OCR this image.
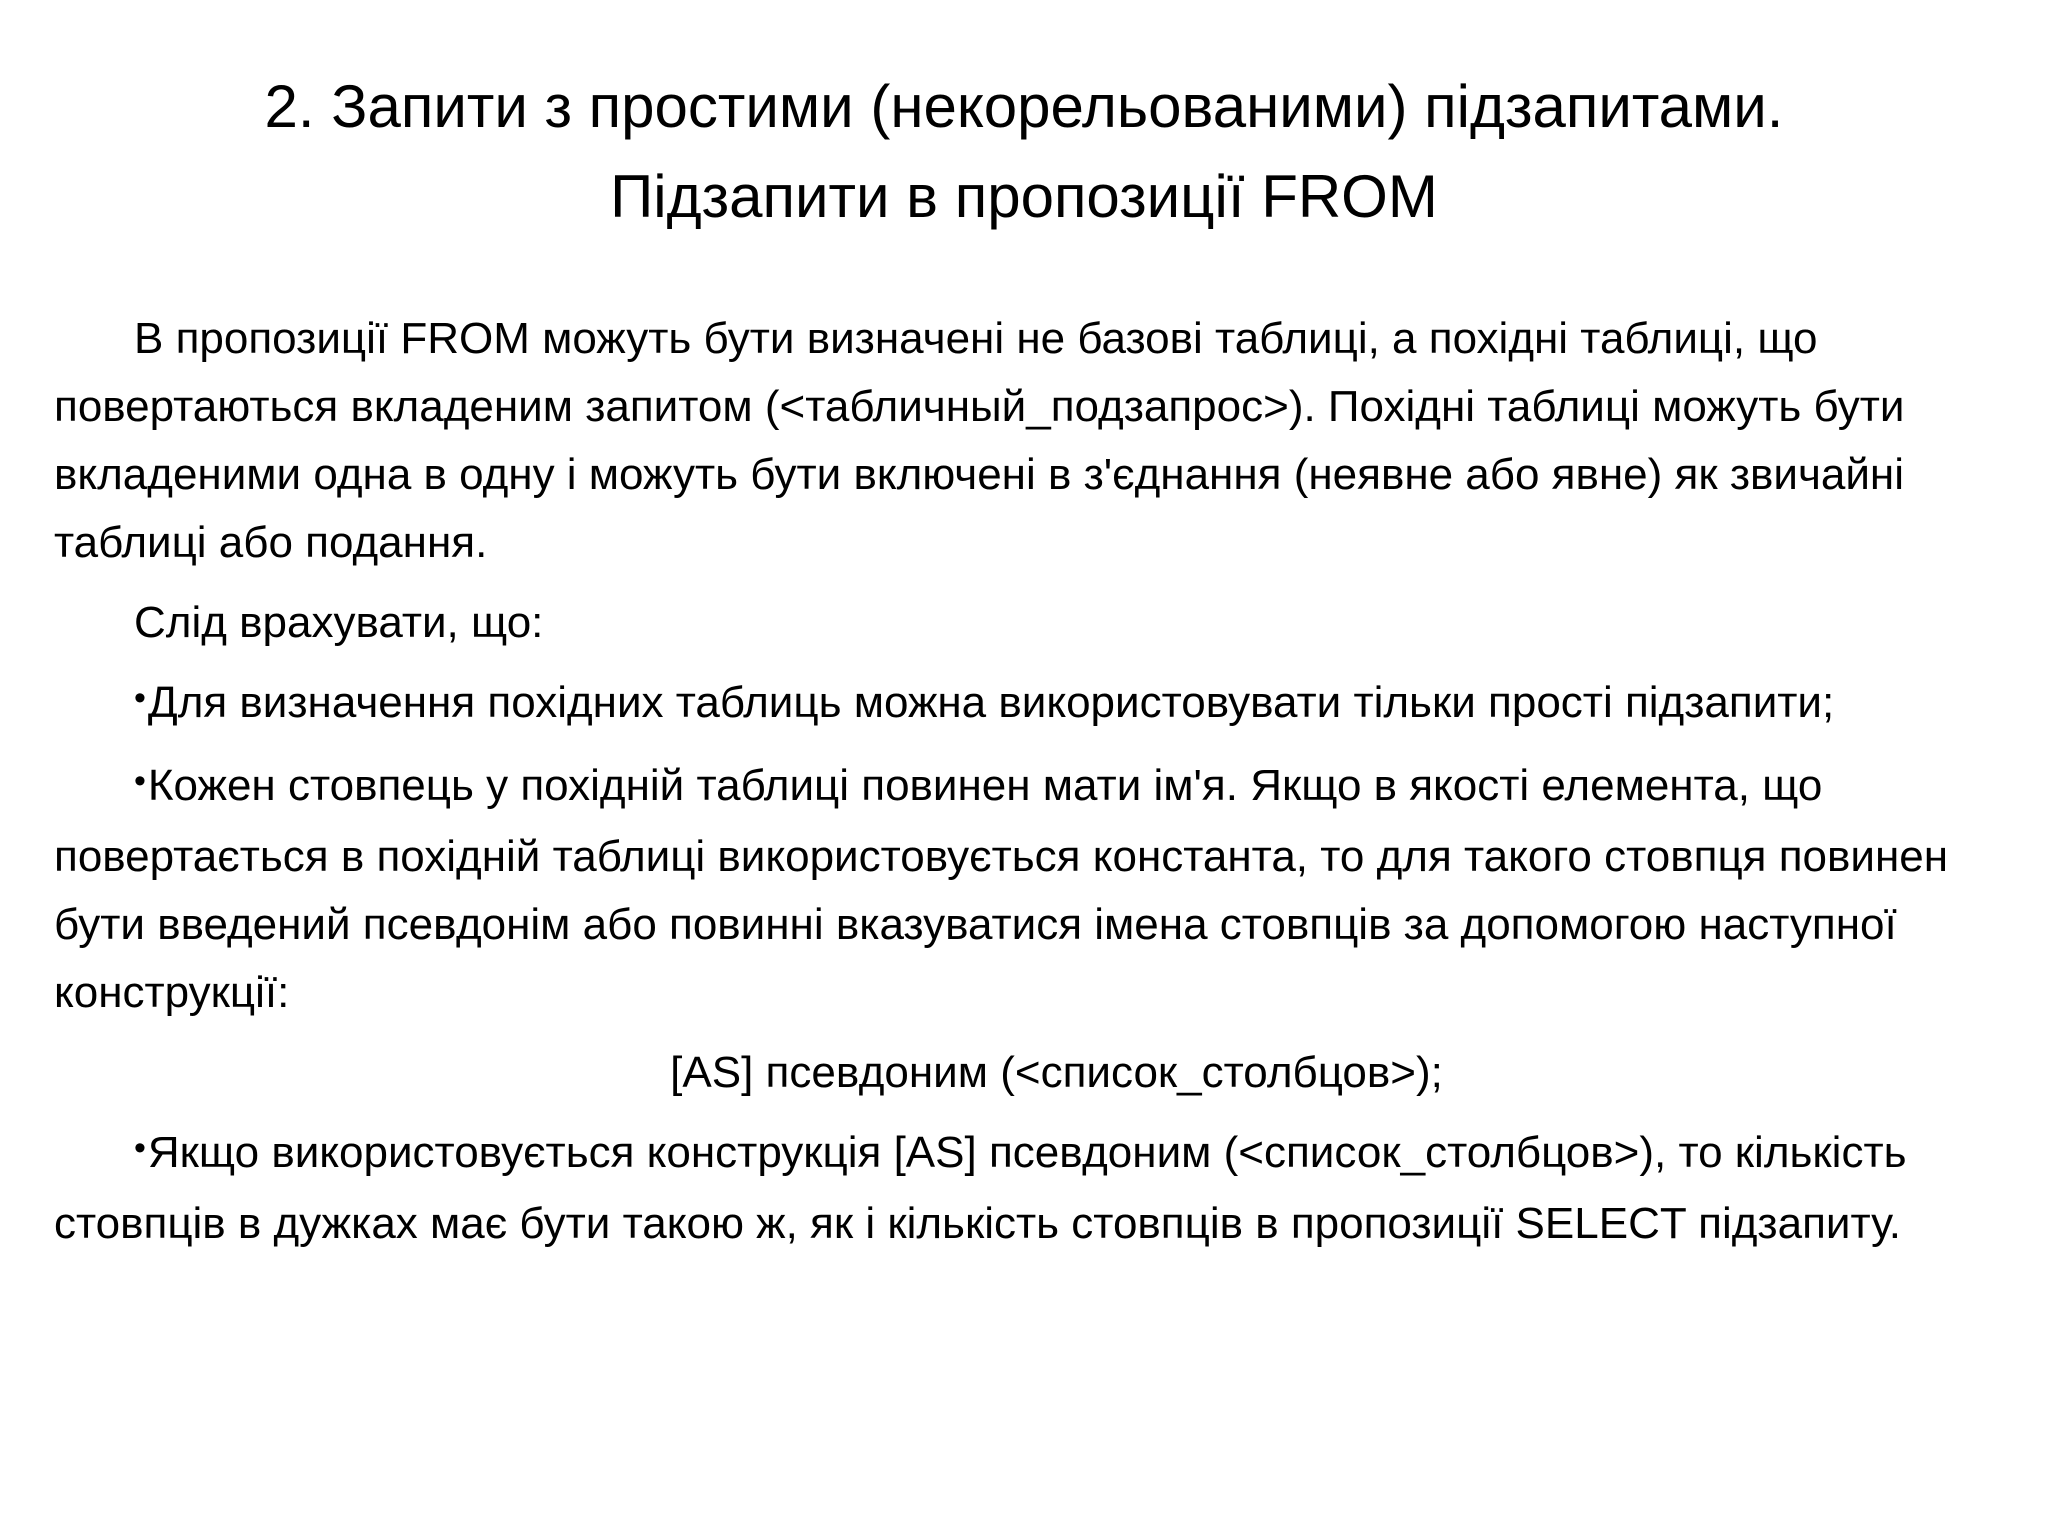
2. Запити з простими (некорельованими) підзапитами.
Підзапити в пропозиції FROM

В пропозиції FROM можуть бути визначені не базові таблиці, а похідні таблиці, що повертаються вкладеним запитом (<табличный_подзапрос>). Похідні таблиці можуть бути вкладеними одна в одну і можуть бути включені в з'єднання (неявне або явне) як звичайні таблиці або подання.

Слід врахувати, що:

• Для визначення похідних таблиць можна використовувати тільки прості підзапити;

• Кожен стовпець у похідній таблиці повинен мати ім'я. Якщо в якості елемента, що повертається в похідній таблиці використовується константа, то для такого стовпця повинен бути введений псевдонім або повинні вказуватися імена стовпців за допомогою наступної конструкції:

[AS] псевдоним (<список_столбцов>);

• Якщо використовується конструкція [AS] псевдоним (<список_столбцов>), то кількість стовпців в дужках має бути такою ж, як і кількість стовпців в пропозиції SELECT підзапиту.
